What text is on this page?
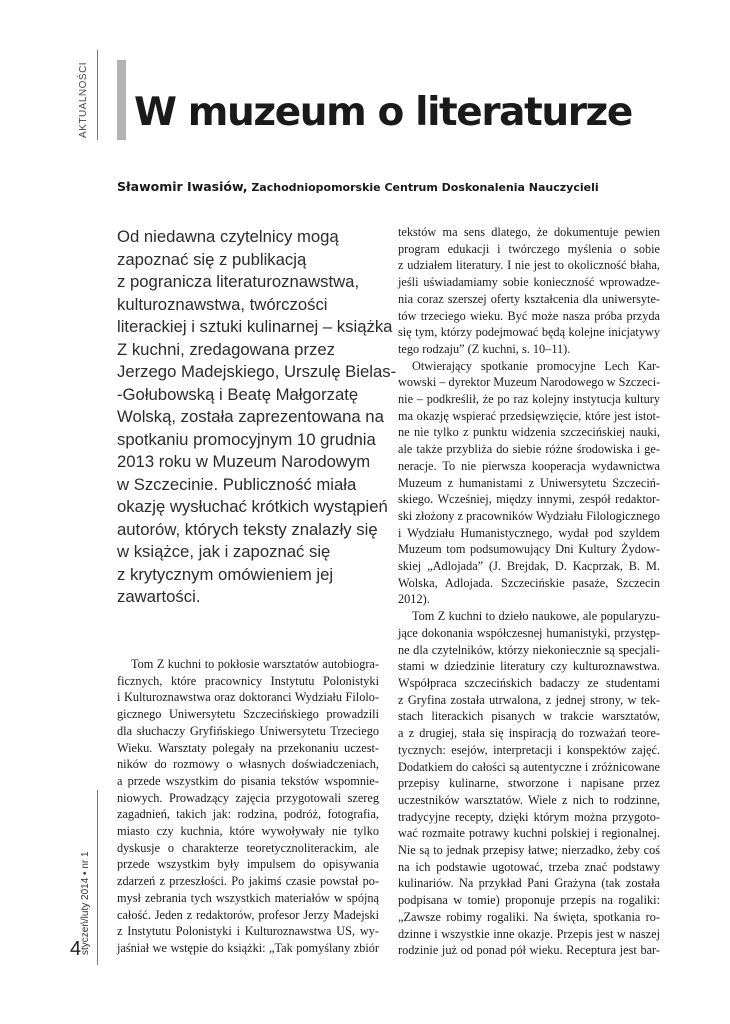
AKTUALNOŚCI W muzeum o literaturze
Sławomir Iwasiów, Zachodniopomorskie Centrum Doskonalenia Nauczycieli
Od niedawna czytelnicy mogą
zapoznać się z publikacją
z pogranicza literaturoznawstwa,
kulturoznawstwa, twórczości
literackiej i sztuki kulinarnej – książka
Z kuchni, zredagowana przez
Jerzego Madejskiego, Urszulę Bielas-
-Gołubowską i Beatę Małgorzatę
Wolską, została zaprezentowana na
spotkaniu promocyjnym 10 grudnia
2013 roku w Muzeum Narodowym
w Szczecinie. Publiczność miała
okazję wysłuchać krótkich wystąpień
autorów, których teksty znalazły się
w książce, jak i zapoznać się
z krytycznym omówieniem jej
zawartości.
Tom Z kuchni to pokłosie warsztatów autobiogra-
ficznych, które pracownicy Instytutu Polonistyki
i Kulturoznawstwa oraz doktoranci Wydziału Filolo-
gicznego Uniwersytetu Szczecińskiego prowadzili
dla słuchaczy Gryfińskiego Uniwersytetu Trzeciego
Wieku. Warsztaty polegały na przekonaniu uczest-
ników do rozmowy o własnych doświadczeniach,
a przede wszystkim do pisania tekstów wspomnie-
niowych. Prowadzący zajęcia przygotowali szereg
zagadnień, takich jak: rodzina, podróż, fotografia,
miasto czy kuchnia, które wywoływały nie tylko
dyskusje o charakterze teoretycznoliterackim, ale
przede wszystkim były impulsem do opisywania
zdarzeń z przeszłości. Po jakimś czasie powstał po-
mysł zebrania tych wszystkich materiałów w spójną
całość. Jeden z redaktorów, profesor Jerzy Madejski
z Instytutu Polonistyki i Kulturoznawstwa US, wy-
jaśniał we wstępie do książki: „Tak pomyślany zbiór
tekstów ma sens dlatego, że dokumentuje pewien
program edukacji i twórczego myślenia o sobie
z udziałem literatury. I nie jest to okoliczność błaha,
jeśli uświadamiamy sobie konieczność wprowadze-
nia coraz szerszej oferty kształcenia dla uniwersyte-
tów trzeciego wieku. Być może nasza próba przyda
się tym, którzy podejmować będą kolejne inicjatywy
tego rodzaju” (Z kuchni, s. 10–11).
Otwierający spotkanie promocyjne Lech Kar-
wowski – dyrektor Muzeum Narodowego w Szczeci-
nie – podkreślił, że po raz kolejny instytucja kultury
ma okazję wspierać przedsięwzięcie, które jest istot-
ne nie tylko z punktu widzenia szczecińskiej nauki,
ale także przybliża do siebie różne środowiska i ge-
neracje. To nie pierwsza kooperacja wydawnictwa
Muzeum z humanistami z Uniwersytetu Szczeciń-
skiego. Wcześniej, między innymi, zespół redaktor-
ski złożony z pracowników Wydziału Filologicznego
i Wydziału Humanistycznego, wydał pod szyldem
Muzeum tom podsumowujący Dni Kultury Żydow-
skiej „Adlojada” (J. Brejdak, D. Kacprzak, B. M.
Wolska, Adlojada. Szczecińskie pasaże, Szczecin
2012).
Tom Z kuchni to dzieło naukowe, ale popularyzu-
jące dokonania współczesnej humanistyki, przystęp-
ne dla czytelników, którzy niekoniecznie są specjali-
stami w dziedzinie literatury czy kulturoznawstwa.
Współpraca szczecińskich badaczy ze studentami
z Gryfina została utrwalona, z jednej strony, w tek-
stach literackich pisanych w trakcie warsztatów,
a z drugiej, stała się inspiracją do rozważań teore-
tycznych: esejów, interpretacji i konspektów zajęć.
Dodatkiem do całości są autentyczne i zróżnicowane
przepisy kulinarne, stworzone i napisane przez
uczestników warsztatów. Wiele z nich to rodzinne,
tradycyjne recepty, dzięki którym można przygoto-
wać rozmaite potrawy kuchni polskiej i regionalnej.
Nie są to jednak przepisy łatwe; nierzadko, żeby coś
na ich podstawie ugotować, trzeba znać podstawy
kulinariów. Na przykład Pani Grażyna (tak została
podpisana w tomie) proponuje przepis na rogaliki:
„Zawsze robimy rogaliki. Na święta, spotkania ro-
dzinne i wszystkie inne okazje. Przepis jest w naszej
rodzinie już od ponad pół wieku. Receptura jest bar-
styczeń/luty 2014 • nr 1
4
